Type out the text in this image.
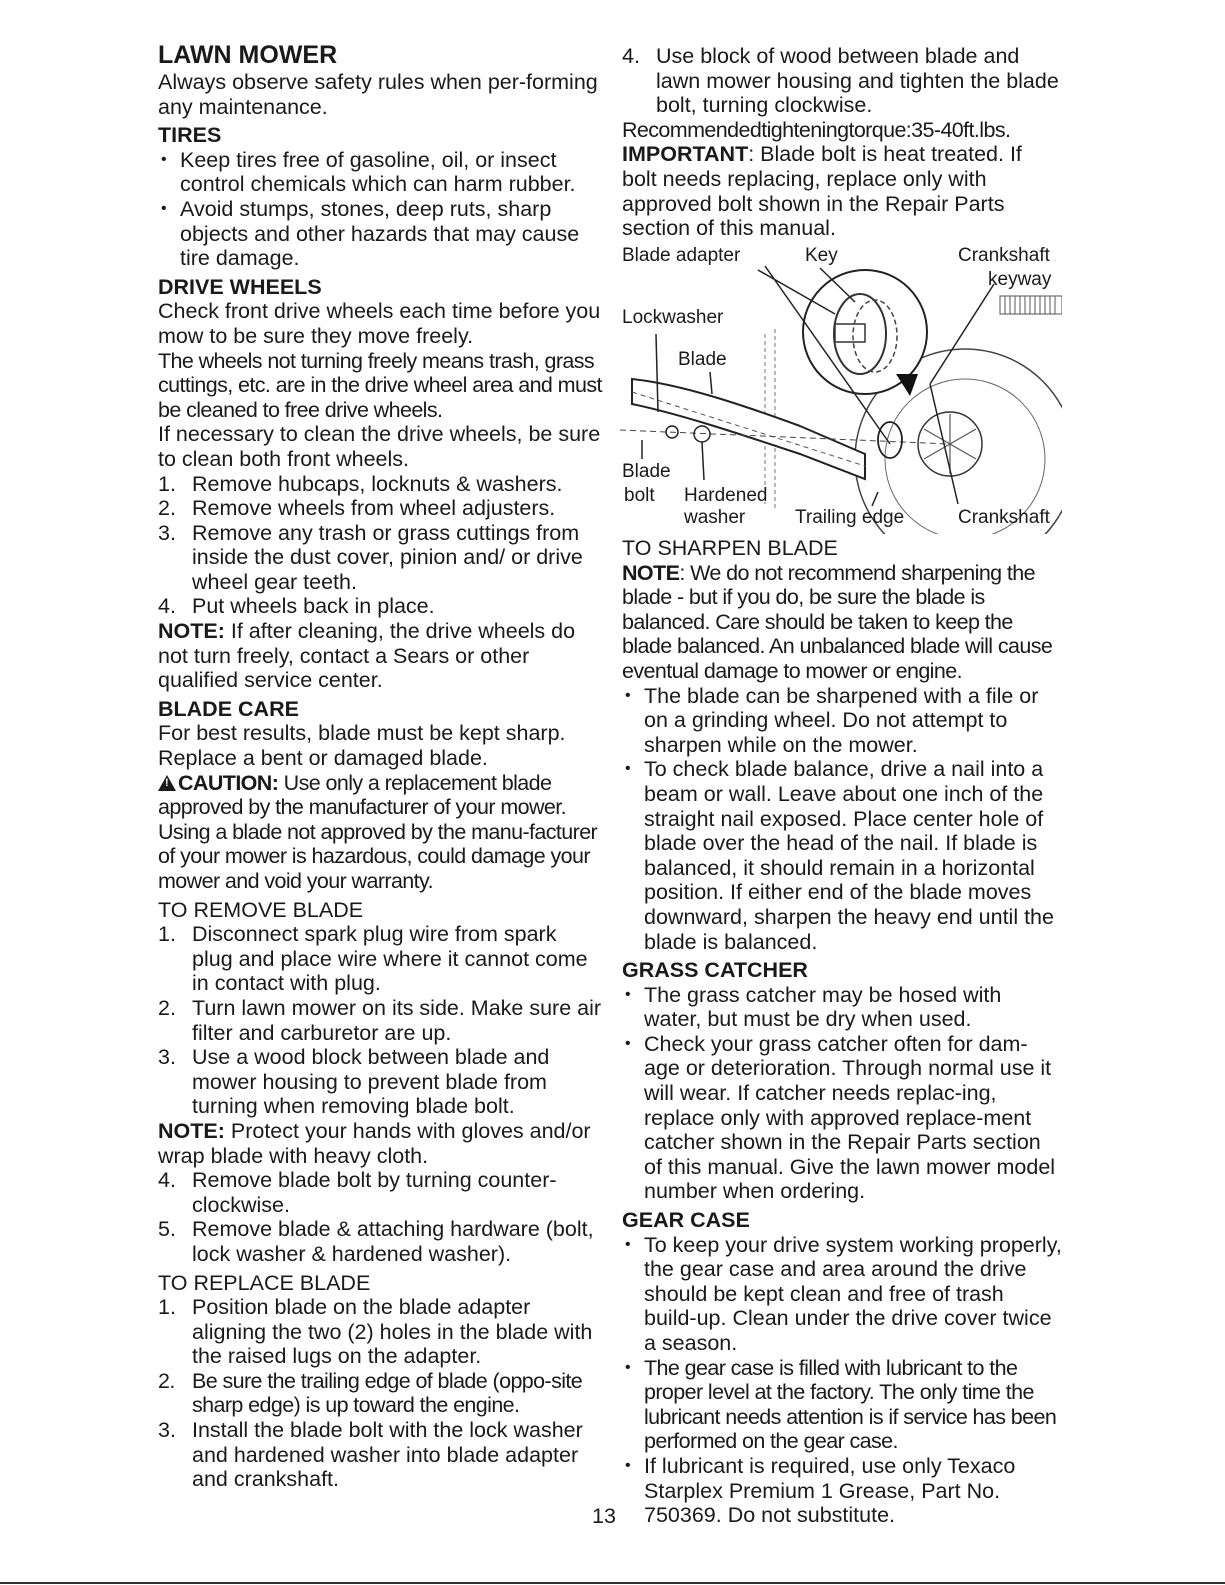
LAWN MOWER

Always observe safety rules when per-forming any maintenance.

TIRES
• Keep tires free of gasoline, oil, or insect control chemicals which can harm rubber.
• Avoid stumps, stones, deep ruts, sharp objects and other hazards that may cause tire damage.
DRIVE WHEELS

Check front drive wheels each time before you mow to be sure they move freely.

The wheels not turning freely means trash, grass cuttings, etc. are in the drive wheel area and must be cleaned to free drive wheels.

If necessary to clean the drive wheels, be sure to clean both front wheels.

1. Remove hubcaps, locknuts & washers.
2. Remove wheels from wheel adjusters.
3. Remove any trash or grass cuttings from inside the dust cover, pinion and/ or drive wheel gear teeth.
4. Put wheels back in place.

NOTE: If after cleaning, the drive wheels do not turn freely, contact a Sears or other qualified service center.

BLADE CARE

For best results, blade must be kept sharp. Replace a bent or damaged blade.

!CAUTION: Use only a replacement blade approved by the manufacturer of your mower. Using a blade not approved by the manu-facturer of your mower is hazardous, could damage your mower and void your warranty.

TO REMOVE BLADE
1. Disconnect spark plug wire from spark plug and place wire where it cannot come in contact with plug.
2. Turn lawn mower on its side. Make sure air filter and carburetor are up.
3. Use a wood block between blade and mower housing to prevent blade from turning when removing blade bolt.

NOTE: Protect your hands with gloves and/or wrap blade with heavy cloth.

4. Remove blade bolt by turning counter-clockwise.
5. Remove blade & attaching hardware (bolt, lock washer & hardened washer).
TO REPLACE BLADE
1. Position blade on the blade adapter aligning the two (2) holes in the blade with the raised lugs on the adapter.
2. Be sure the trailing edge of blade (oppo-site sharp edge) is up toward the engine.
3. Install the blade bolt with the lock washer and hardened washer into blade adapter and crankshaft.
4. Use block of wood between blade and lawn mower housing and tighten the blade bolt, turning clockwise.

Recommendedtighteningtorque:35-40ft.lbs.

IMPORTANT: Blade bolt is heat treated. If bolt needs replacing, replace only with approved bolt shown in the Repair Parts section of this manual.

Blade adapter	Key	Crankshaft
keyway
Lockwasher
Blade
Blade
bolt Hardened
washer	Trailing edge	Crankshaft
TO SHARPEN BLADE

NOTE: We do not recommend sharpening the blade - but if you do, be sure the blade is balanced. Care should be taken to keep the blade balanced. An unbalanced blade will cause eventual damage to mower or engine.

• The blade can be sharpened with a file or on a grinding wheel. Do not attempt to sharpen while on the mower.
• To check blade balance, drive a nail into a beam or wall. Leave about one inch of the straight nail exposed. Place center hole of blade over the head of the nail. If blade is balanced, it should remain in a horizontal position. If either end of the blade moves downward, sharpen the heavy end until the blade is balanced.
GRASS CATCHER
• The grass catcher may be hosed with water, but must be dry when used.
• Check your grass catcher often for dam-age or deterioration. Through normal use it will wear. If catcher needs replac-ing, replace only with approved replace-ment catcher shown in the Repair Parts section of this manual. Give the lawn mower model number when ordering.
GEAR CASE
• To keep your drive system working properly, the gear case and area around the drive should be kept clean and free of trash build-up. Clean under the drive cover twice a season.
• The gear case is filled with lubricant to the proper level at the factory. The only time the lubricant needs attention is if service has been performed on the gear case.
• If lubricant is required, use only Texaco Starplex Premium 1 Grease, Part No. 750369. Do not substitute.
13
